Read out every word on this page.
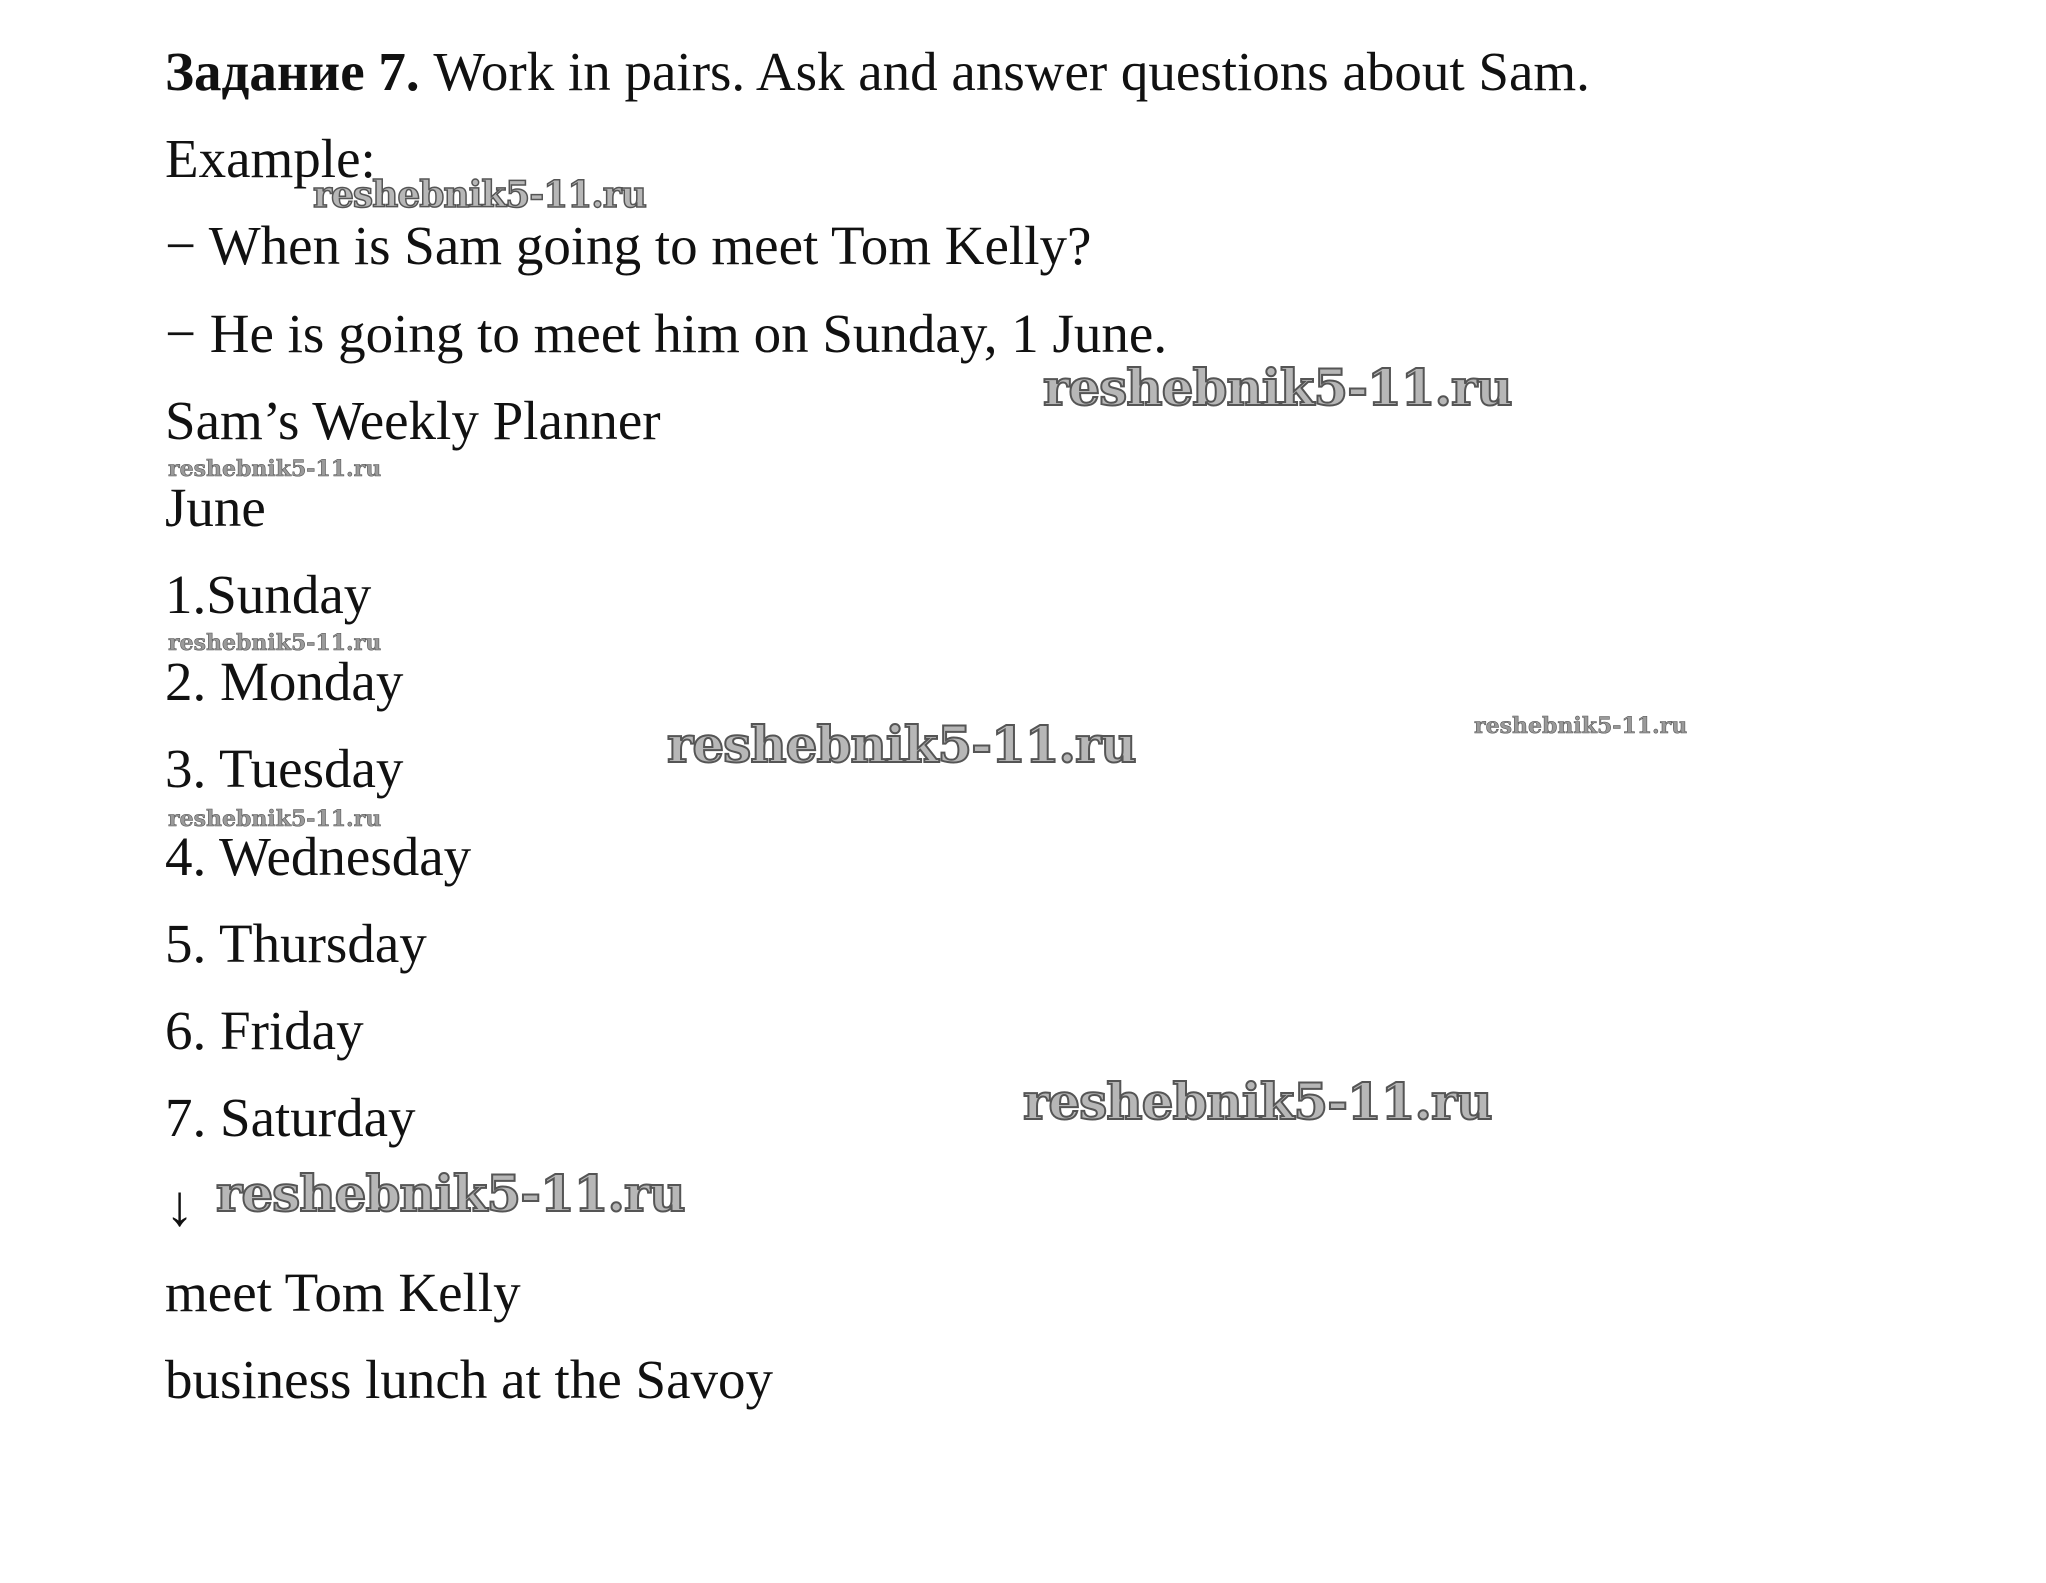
Задание 7. Work in pairs. Ask and answer questions about Sam.

Example:

− When is Sam going to meet Tom Kelly?

− He is going to meet him on Sunday, 1 June.

Sam’s Weekly Planner

June

1.Sunday

2. Monday

3. Tuesday

4. Wednesday

5. Thursday

6. Friday

7. Saturday

↓

meet Tom Kelly

business lunch at the Savoy

reshebnik5-11.ru
reshebnik5-11.ru
reshebnik5-11.ru
reshebnik5-11.ru
reshebnik5-11.ru	reshebnik5-11.ru
reshebnik5-11.ru
reshebnik5-11.ru
reshebnik5-11.ru
